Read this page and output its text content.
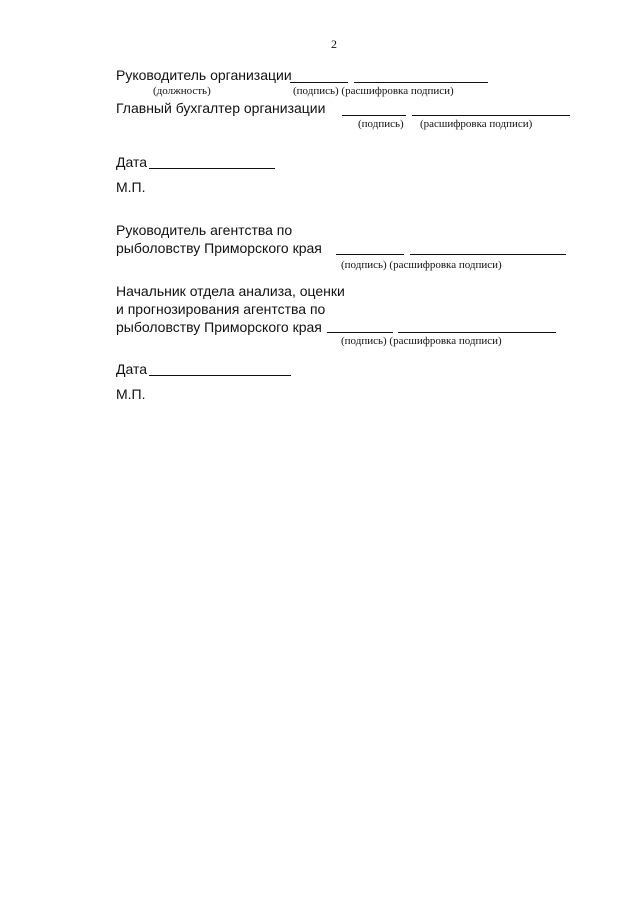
2
Руководитель организации
(должность)	(подпись) (расшифровка подписи)
Главный бухгалтер организации
(подпись) (расшифровка подписи)
Дата
М.П.
Руководитель агентства по
рыболовству Приморского края
(подпись) (расшифровка подписи)
Начальник отдела анализа, оценки
и прогнозирования агентства по
рыболовству Приморского края
(подпись) (расшифровка подписи)
Дата
М.П.
